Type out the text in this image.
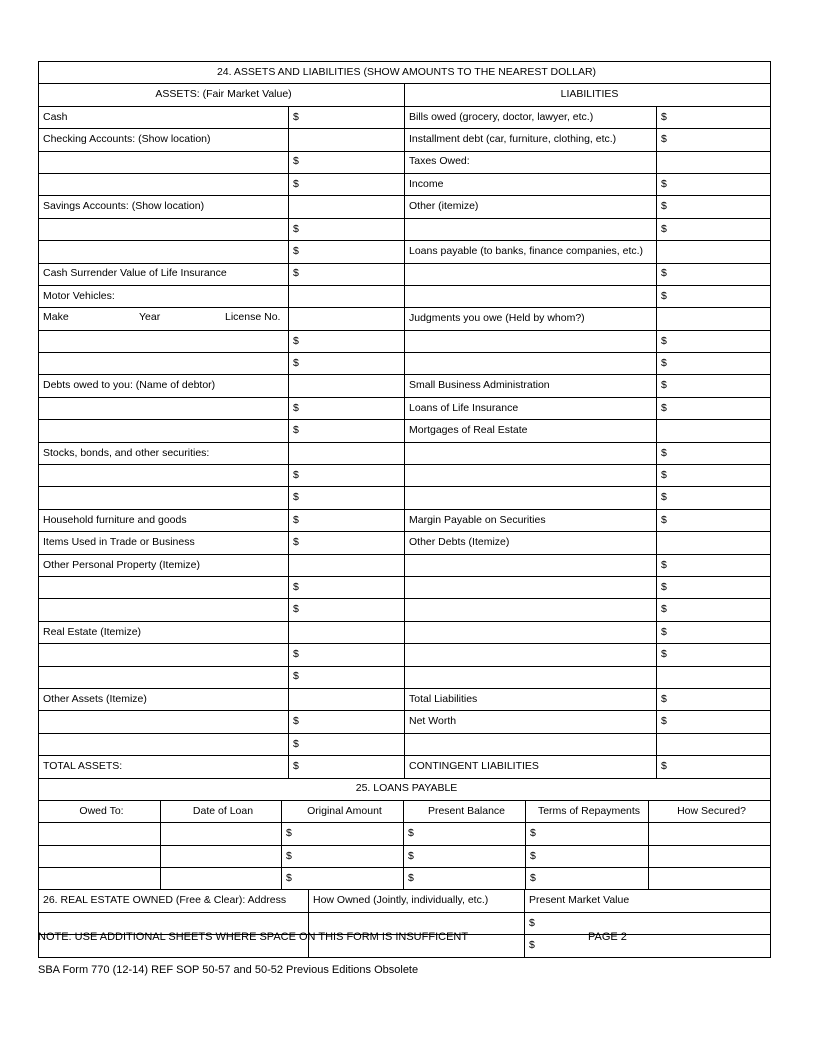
24. ASSETS AND LIABILITIES (SHOW AMOUNTS TO THE NEAREST DOLLAR)			
ASSETS: (Fair Market Value)		LIABILITIES	
Cash	$	Bills owed (grocery, doctor, lawyer, etc.)	$
Checking Accounts: (Show location)		Installment debt (car, furniture, clothing, etc.)	$
	$	Taxes Owed:	
	$	Income	$
Savings Accounts: (Show location)		Other (itemize)	$
	$		$
	$	Loans payable (to banks, finance companies, etc.)	
Cash Surrender Value of Life Insurance	$		$
Motor Vehicles:			$

Make Year License No.		Judgments you owe (Held by whom?)	
	$		$
	$		$
Debts owed to you: (Name of debtor)		Small Business Administration	$
	$	Loans of Life Insurance	$
	$	Mortgages of Real Estate	
Stocks, bonds, and other securities:			$
	$		$
	$		$
Household furniture and goods	$	Margin Payable on Securities	$
Items Used in Trade or Business	$	Other Debts (Itemize)	
Other Personal Property (Itemize)			$
	$		$
	$		$
Real Estate (Itemize)			$
	$		$
	$		
Other Assets (Itemize)		Total Liabilities	$
	$	Net Worth	$
	$		
TOTAL ASSETS:	$	CONTINGENT LIABILITIES	$
25. LOANS PAYABLE					
Owed To:	Date of Loan	Original Amount	Present Balance	Terms of Repayments	How Secured?
		$	$	$	
		$	$	$	
		$	$	$	
26. REAL ESTATE OWNED (Free & Clear): Address	How Owned (Jointly, individually, etc.)	Present Market Value
		$
		$
NOTE: USE ADDITIONAL SHEETS WHERE SPACE ON THIS FORM IS INSUFFICENT	PAGE 2
SBA Form 770 (12-14) REF SOP 50-57 and 50-52 Previous Editions Obsolete
